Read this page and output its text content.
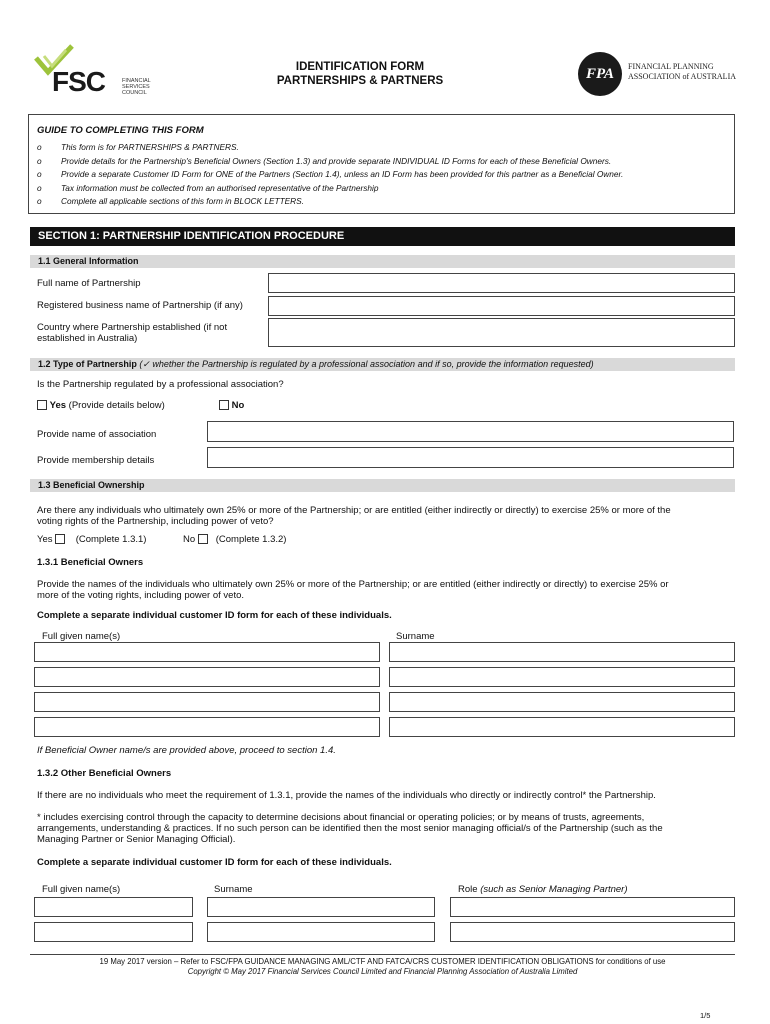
FSC	FINANCIAL
SERVICES
COUNCIL
IDENTIFICATION FORM
PARTNERSHIPS & PARTNERS	FPA	FINANCIAL PLANNING
ASSOCIATION of AUSTRALIA
GUIDE TO COMPLETING THIS FORM
o	This form is for PARTNERSHIPS & PARTNERS.
o	Provide details for the Partnership's Beneficial Owners (Section 1.3) and provide separate INDIVIDUAL ID Forms for each of these Beneficial Owners.
o	Provide a separate Customer ID Form for ONE of the Partners (Section 1.4), unless an ID Form has been provided for this partner as a Beneficial Owner.
o	Tax information must be collected from an authorised representative of the Partnership
o	Complete all applicable sections of this form in BLOCK LETTERS.
SECTION 1: PARTNERSHIP IDENTIFICATION PROCEDURE
1.1 General Information
Full name of Partnership
Registered business name of Partnership (if any)
Country where Partnership established (if not
established in Australia)
1.2 Type of Partnership (✓ whether the Partnership is regulated by a professional association and if so, provide the information requested)
Is the Partnership regulated by a professional association?
Yes (Provide details below)	No
Provide name of association
Provide membership details
1.3 Beneficial Ownership
Are there any individuals who ultimately own 25% or more of the Partnership; or are entitled (either indirectly or directly) to exercise 25% or more of the
voting rights of the Partnership, including power of veto?
Yes (Complete 1.3.1)	No (Complete 1.3.2)
1.3.1 Beneficial Owners
Provide the names of the individuals who ultimately own 25% or more of the Partnership; or are entitled (either indirectly or directly) to exercise 25% or
more of the voting rights, including power of veto.
Complete a separate individual customer ID form for each of these individuals.
Full given name(s)	Surname
If Beneficial Owner name/s are provided above, proceed to section 1.4.
1.3.2 Other Beneficial Owners
If there are no individuals who meet the requirement of 1.3.1, provide the names of the individuals who directly or indirectly control* the Partnership.
* includes exercising control through the capacity to determine decisions about financial or operating policies; or by means of trusts, agreements,
arrangements, understanding & practices. If no such person can be identified then the most senior managing official/s of the Partnership (such as the
Managing Partner or Senior Managing Official).
Complete a separate individual customer ID form for each of these individuals.
Full given name(s)	Surname	Role (such as Senior Managing Partner)
19 May 2017 version – Refer to FSC/FPA GUIDANCE MANAGING AML/CTF AND FATCA/CRS CUSTOMER IDENTIFICATION OBLIGATIONS for conditions of use
Copyright © May 2017 Financial Services Council Limited and Financial Planning Association of Australia Limited
1/5
